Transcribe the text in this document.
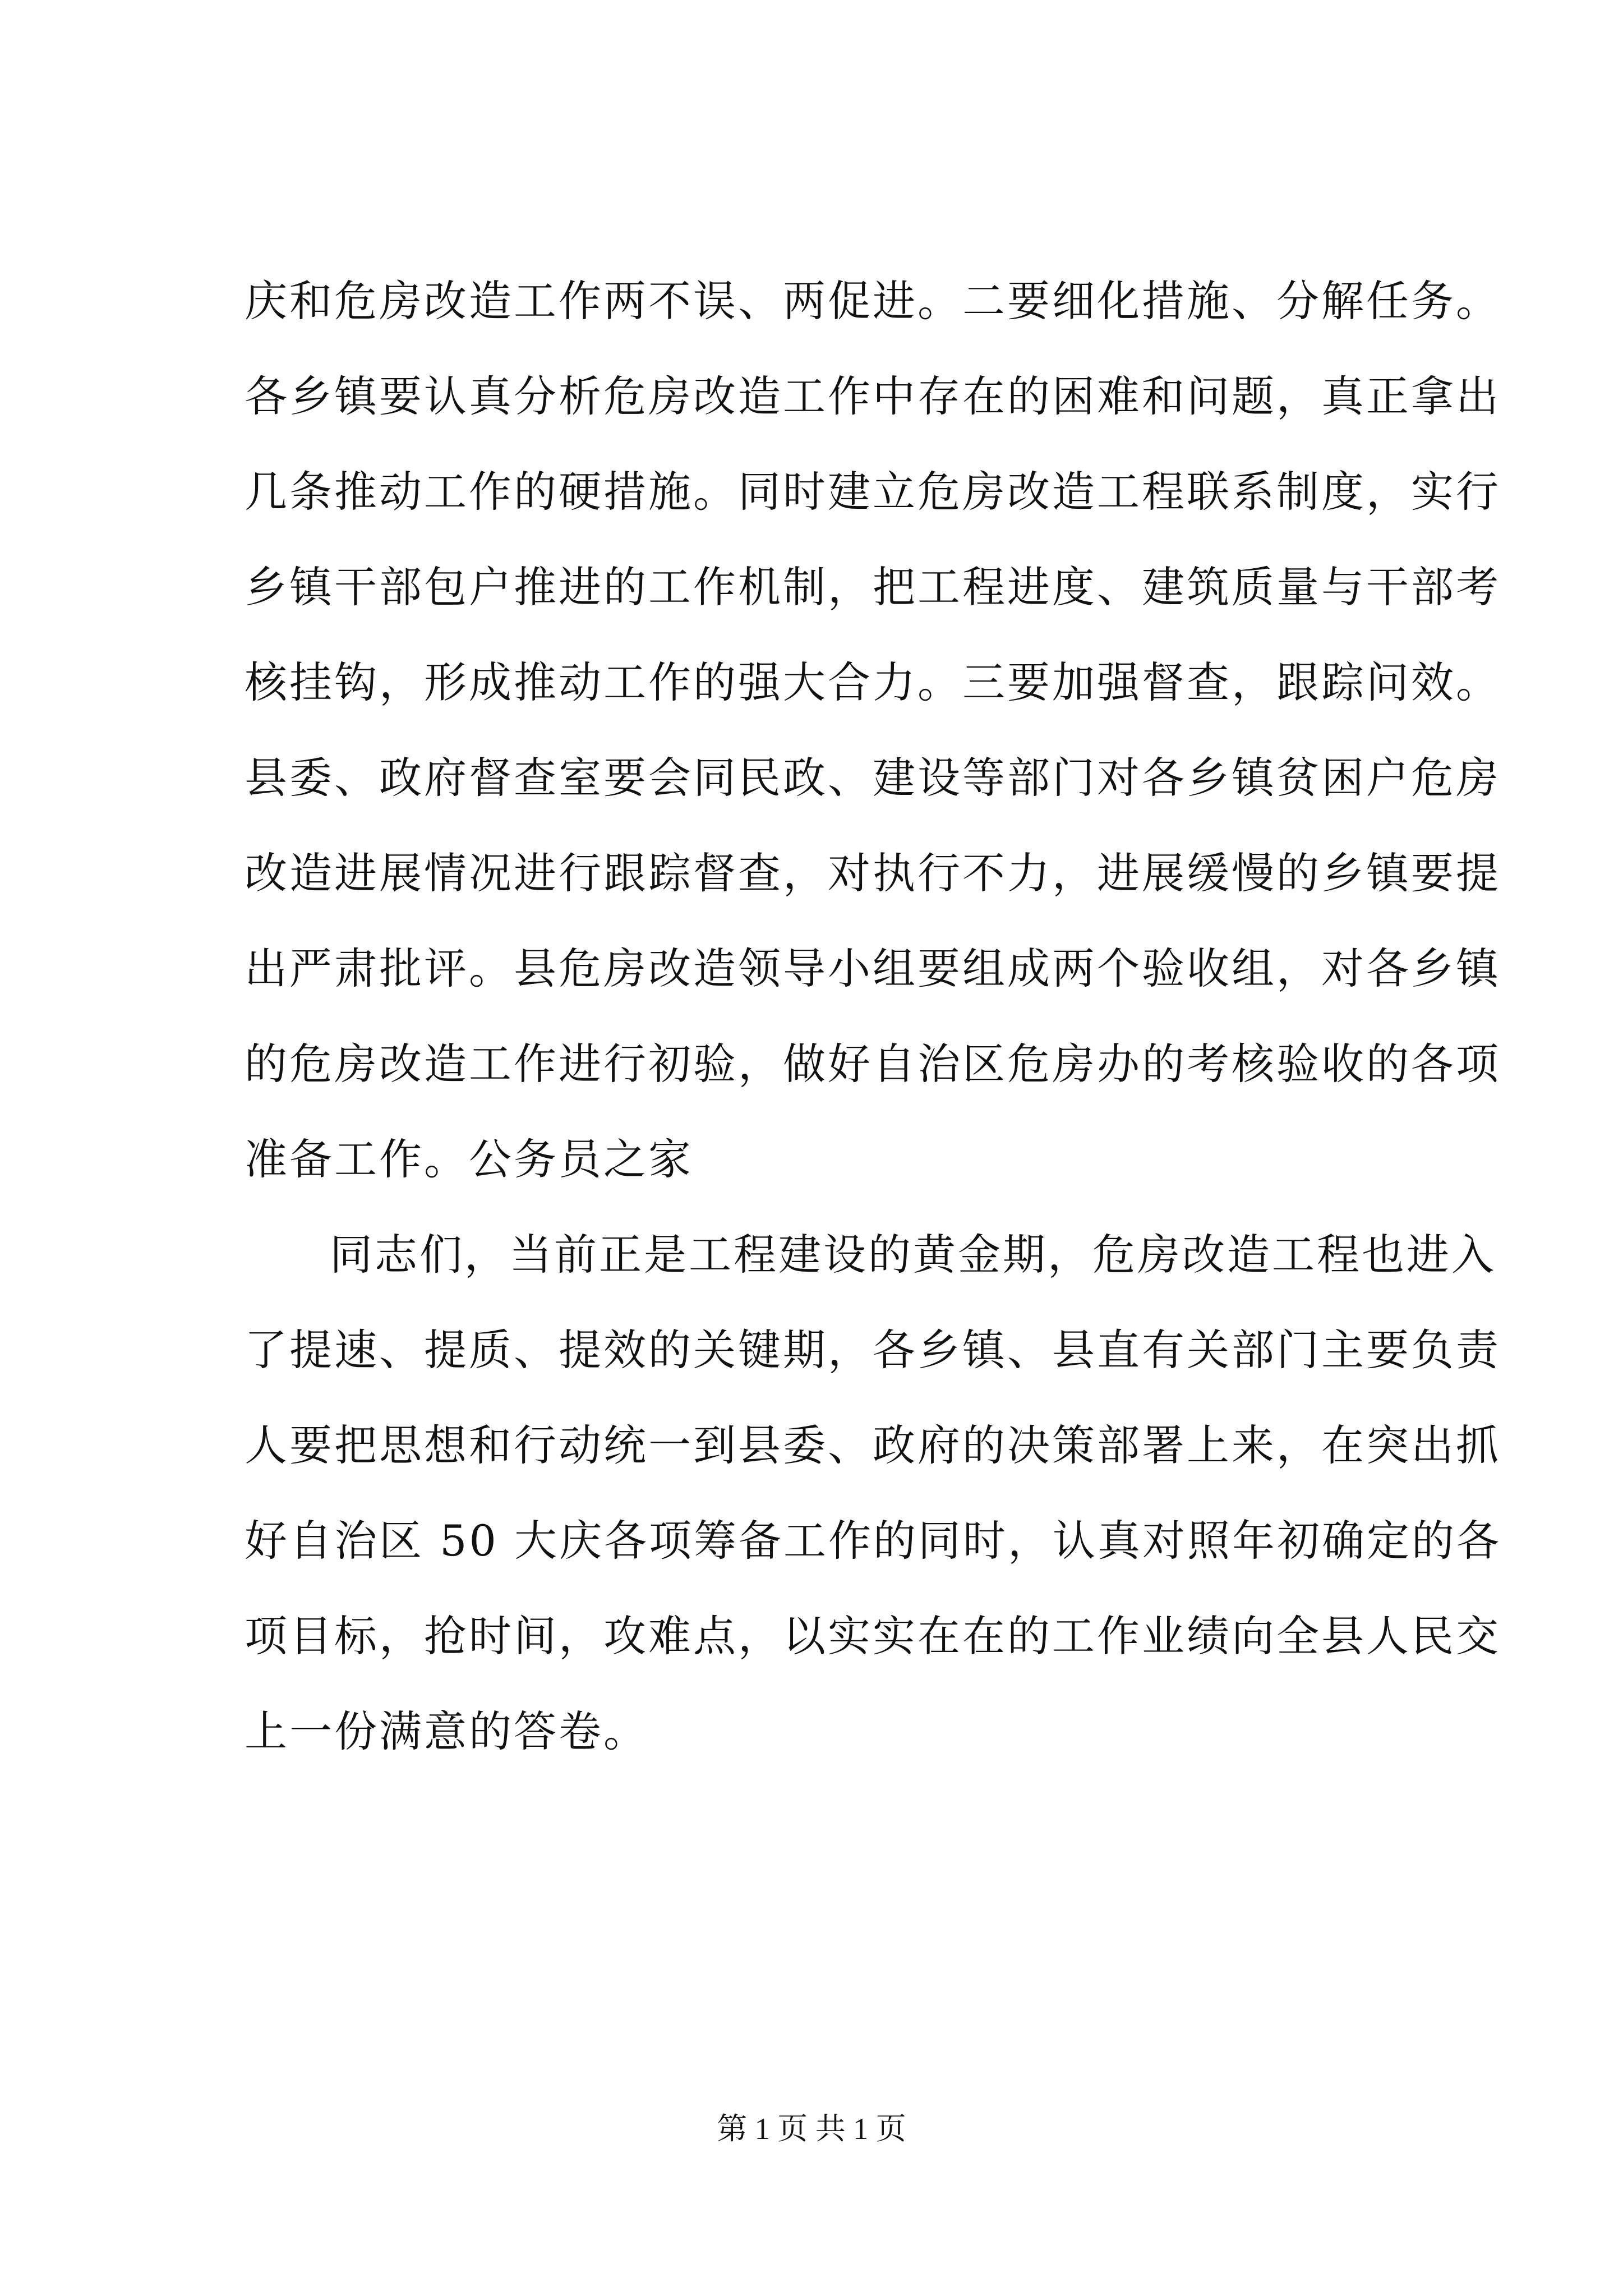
庆和危房改造工作两不误、两促进。二要细化措施、分解任务。
各乡镇要认真分析危房改造工作中存在的困难和问题，真正拿出
几条推动工作的硬措施。同时建立危房改造工程联系制度，实行
乡镇干部包户推进的工作机制，把工程进度、建筑质量与干部考
核挂钩，形成推动工作的强大合力。三要加强督查，跟踪问效。
县委、政府督查室要会同民政、建设等部门对各乡镇贫困户危房
改造进展情况进行跟踪督查，对执行不力，进展缓慢的乡镇要提
出严肃批评。县危房改造领导小组要组成两个验收组，对各乡镇
的危房改造工作进行初验，做好自治区危房办的考核验收的各项
准备工作。公务员之家
同志们，当前正是工程建设的黄金期，危房改造工程也进入
了提速、提质、提效的关键期，各乡镇、县直有关部门主要负责
人要把思想和行动统一到县委、政府的决策部署上来，在突出抓
好自治区 50 大庆各项筹备工作的同时，认真对照年初确定的各
项目标，抢时间，攻难点，以实实在在的工作业绩向全县人民交
上一份满意的答卷。
第 1 页 共 1 页
